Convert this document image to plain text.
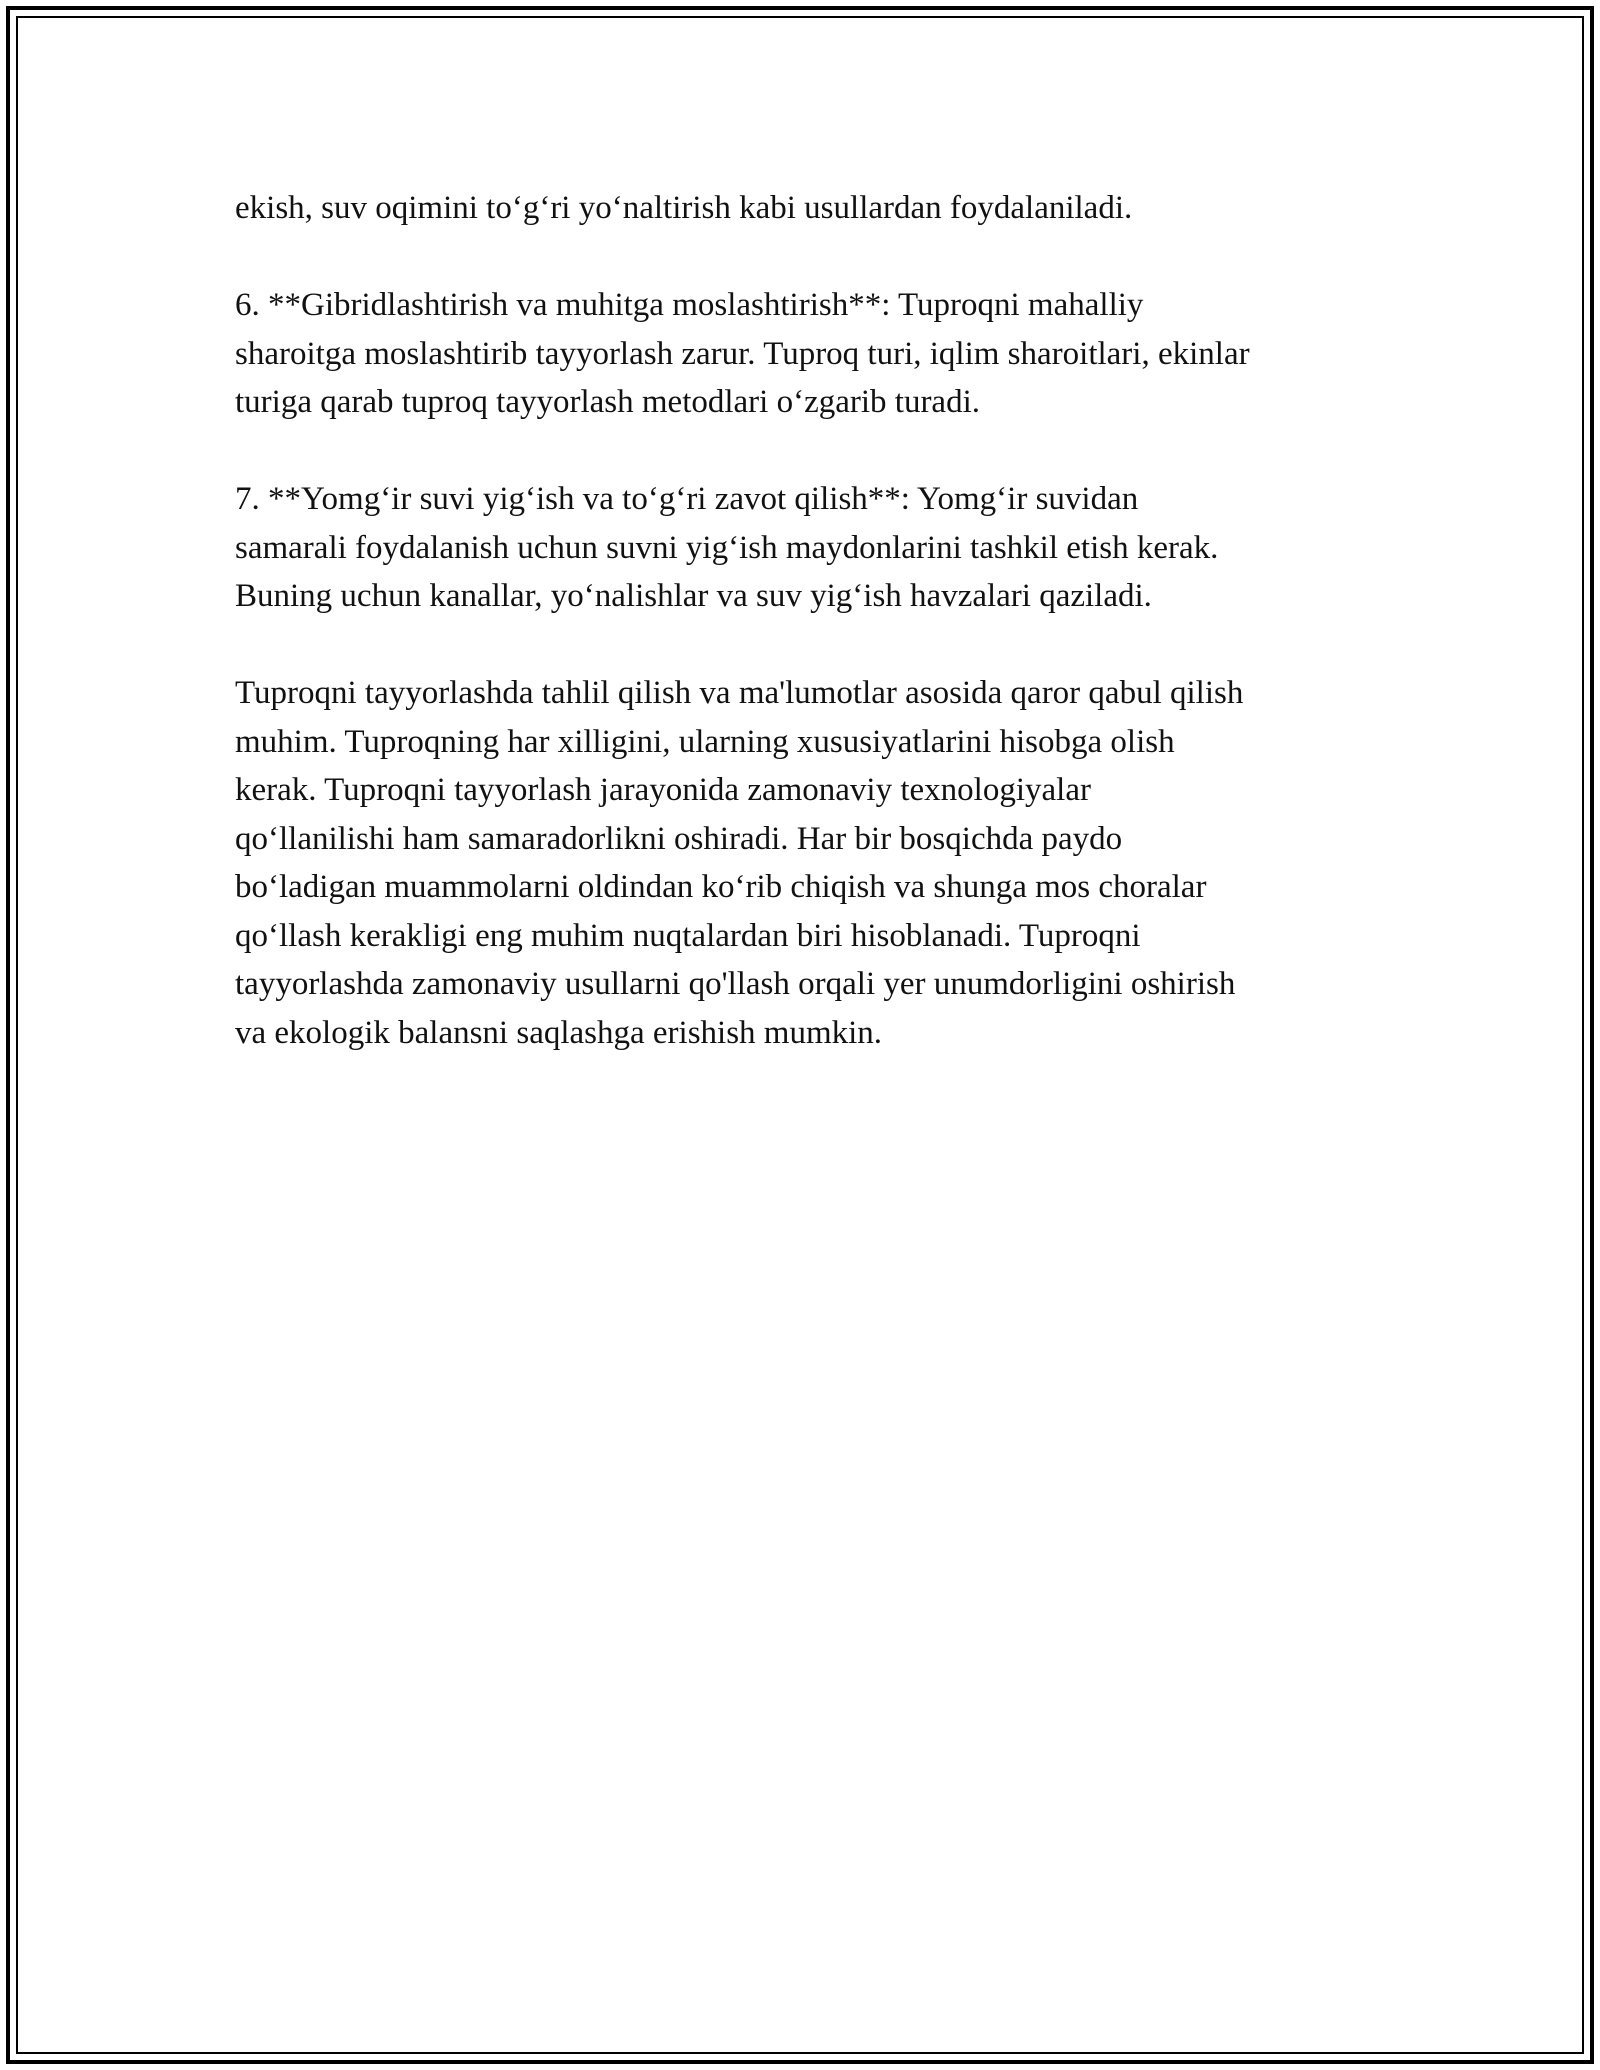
ekish, suv oqimini to‘g‘ri yo‘naltirish kabi usullardan foydalaniladi.

6. **Gibridlashtirish va muhitga moslashtirish**: Tuproqni mahalliy
sharoitga moslashtirib tayyorlash zarur. Tuproq turi, iqlim sharoitlari, ekinlar
turiga qarab tuproq tayyorlash metodlari o‘zgarib turadi.

7. **Yomg‘ir suvi yig‘ish va to‘g‘ri zavot qilish**: Yomg‘ir suvidan
samarali foydalanish uchun suvni yig‘ish maydonlarini tashkil etish kerak.
Buning uchun kanallar, yo‘nalishlar va suv yig‘ish havzalari qaziladi.

Tuproqni tayyorlashda tahlil qilish va ma'lumotlar asosida qaror qabul qilish
muhim. Tuproqning har xilligini, ularning xususiyatlarini hisobga olish
kerak. Tuproqni tayyorlash jarayonida zamonaviy texnologiyalar
qo‘llanilishi ham samaradorlikni oshiradi. Har bir bosqichda paydo
bo‘ladigan muammolarni oldindan ko‘rib chiqish va shunga mos choralar
qo‘llash kerakligi eng muhim nuqtalardan biri hisoblanadi. Tuproqni
tayyorlashda zamonaviy usullarni qo'llash orqali yer unumdorligini oshirish
va ekologik balansni saqlashga erishish mumkin.
